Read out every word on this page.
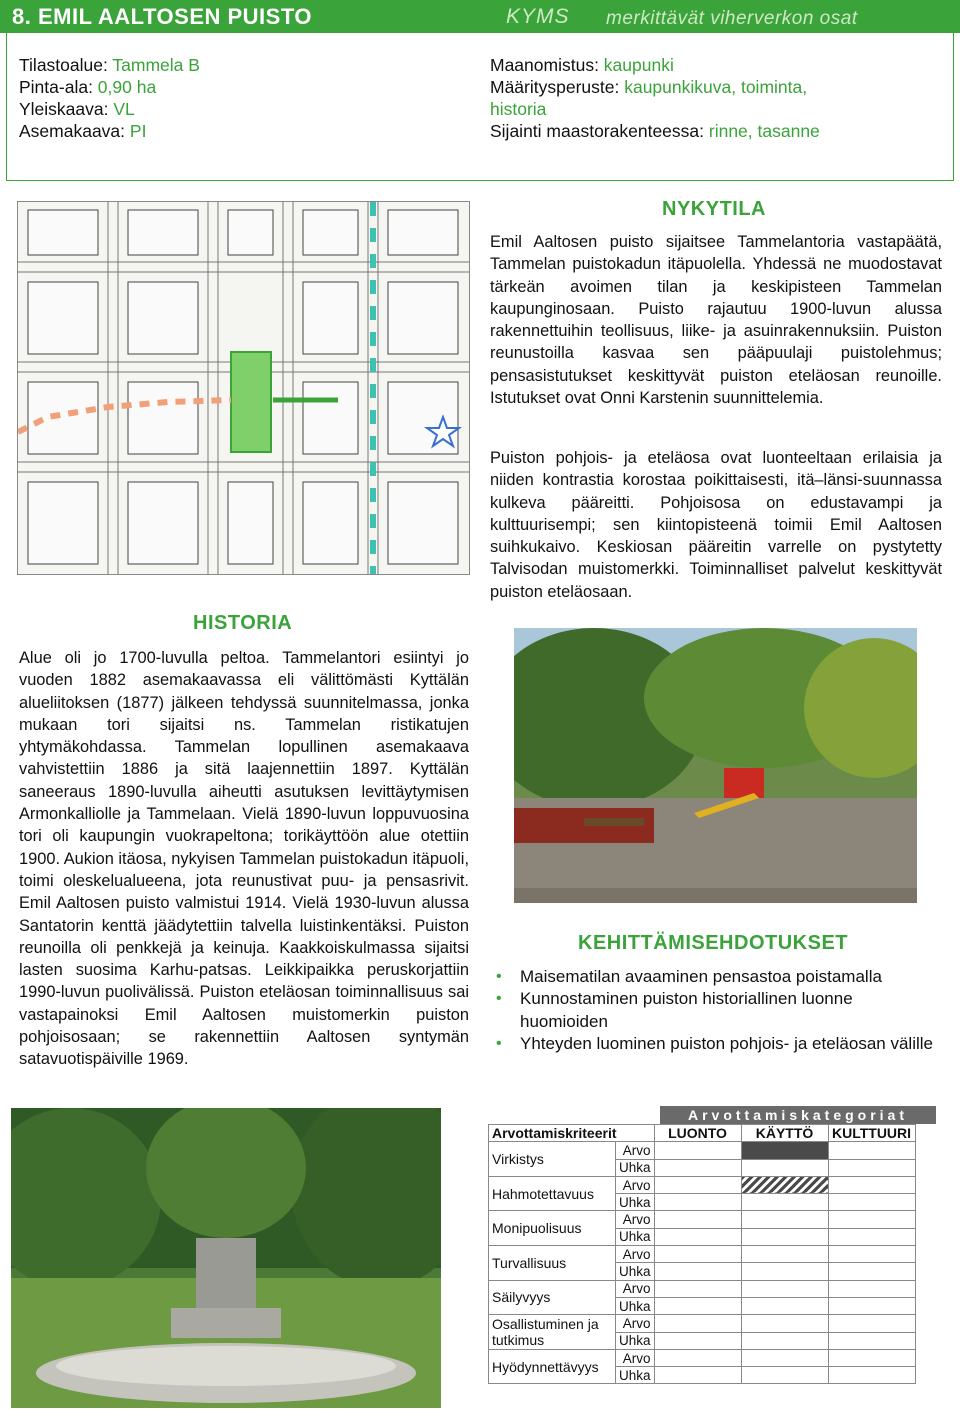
8. EMIL AALTOSEN PUISTO	KYMS merkittävät viherverkon osat
Tilastoalue: Tammela B
Pinta-ala: 0,90 ha
Yleiskaava: VL
Asemakaava: PI
Maanomistus: kaupunki
Määritysperuste: kaupunkikuva, toiminta,
historia
Sijainti maastorakenteessa: rinne, tasanne
NYKYTILA
Emil Aaltosen puisto sijaitsee Tammelantoria vastapäätä, Tammelan puistokadun itäpuolella. Yhdessä ne muodostavat tärkeän avoimen tilan ja keskipisteen Tammelan kaupunginosaan. Puisto rajautuu 1900-luvun alussa rakennettuihin teollisuus, liike- ja asuinrakennuksiin. Puiston reunustoilla kasvaa sen pääpuulaji puistolehmus; pensasistutukset keskittyvät puiston eteläosan reunoille. Istutukset ovat Onni Karstenin suunnittelemia.
Puiston pohjois- ja eteläosa ovat luonteeltaan erilaisia ja niiden kontrastia korostaa poikittaisesti, itä–länsi-suunnassa kulkeva pääreitti. Pohjoisosa on edustavampi ja kulttuurisempi; sen kiintopisteenä toimii Emil Aaltosen suihkukaivo. Keskiosan pääreitin varrelle on pystytetty Talvisodan muistomerkki. Toiminnalliset palvelut keskittyvät puiston eteläosaan.
HISTORIA
Alue oli jo 1700-luvulla peltoa. Tammelantori esiintyi jo vuoden 1882 asemakaavassa eli välittömästi Kyttälän alueliitoksen (1877) jälkeen tehdyssä suunnitelmassa, jonka mukaan tori sijaitsi ns. Tammelan ristikatujen yhtymäkohdassa. Tammelan lopullinen asemakaava vahvistettiin 1886 ja sitä laajennettiin 1897. Kyttälän saneeraus 1890-luvulla aiheutti asutuksen levittäytymisen Armonkalliolle ja Tammelaan. Vielä 1890-luvun loppuvuosina tori oli kaupungin vuokrapeltona; torikäyttöön alue otettiin 1900. Aukion itäosa, nykyisen Tammelan puistokadun itäpuoli, toimi oleskelualueena, jota reunustivat puu- ja pensasrivit. Emil Aaltosen puisto valmistui 1914. Vielä 1930-luvun alussa Santatorin kenttä jäädytettiin talvella luistinkentäksi. Puiston reunoilla oli penkkejä ja keinuja. Kaakkoiskulmassa sijaitsi lasten suosima Karhu-patsas. Leikkipaikka peruskorjattiin 1990-luvun puolivälissä. Puiston eteläosan toiminnallisuus sai vastapainoksi Emil Aaltosen muistomerkin puiston pohjoisosaan; se rakennettiin Aaltosen syntymän satavuotispäiville 1969.
KEHITTÄMISEHDOTUKSET
• Maisematilan avaaminen pensastoa poistamalla
• Kunnostaminen puiston historiallinen luonne huomioiden
• Yhteyden luominen puiston pohjois- ja eteläosan välille
Arvottamiskategoriat
Arvottamiskriteerit		LUONTO	KÄYTTÖ	KULTTUURI
Virkistys	Arvo			
	Uhka			
Hahmotettavuus	Arvo			
	Uhka			
Monipuolisuus	Arvo			
	Uhka			
Turvallisuus	Arvo			
	Uhka			
Säilyvyys	Arvo			
	Uhka			
Osallistuminen ja tutkimus	Arvo			
	Uhka			
Hyödynnettävyys	Arvo			
	Uhka			
